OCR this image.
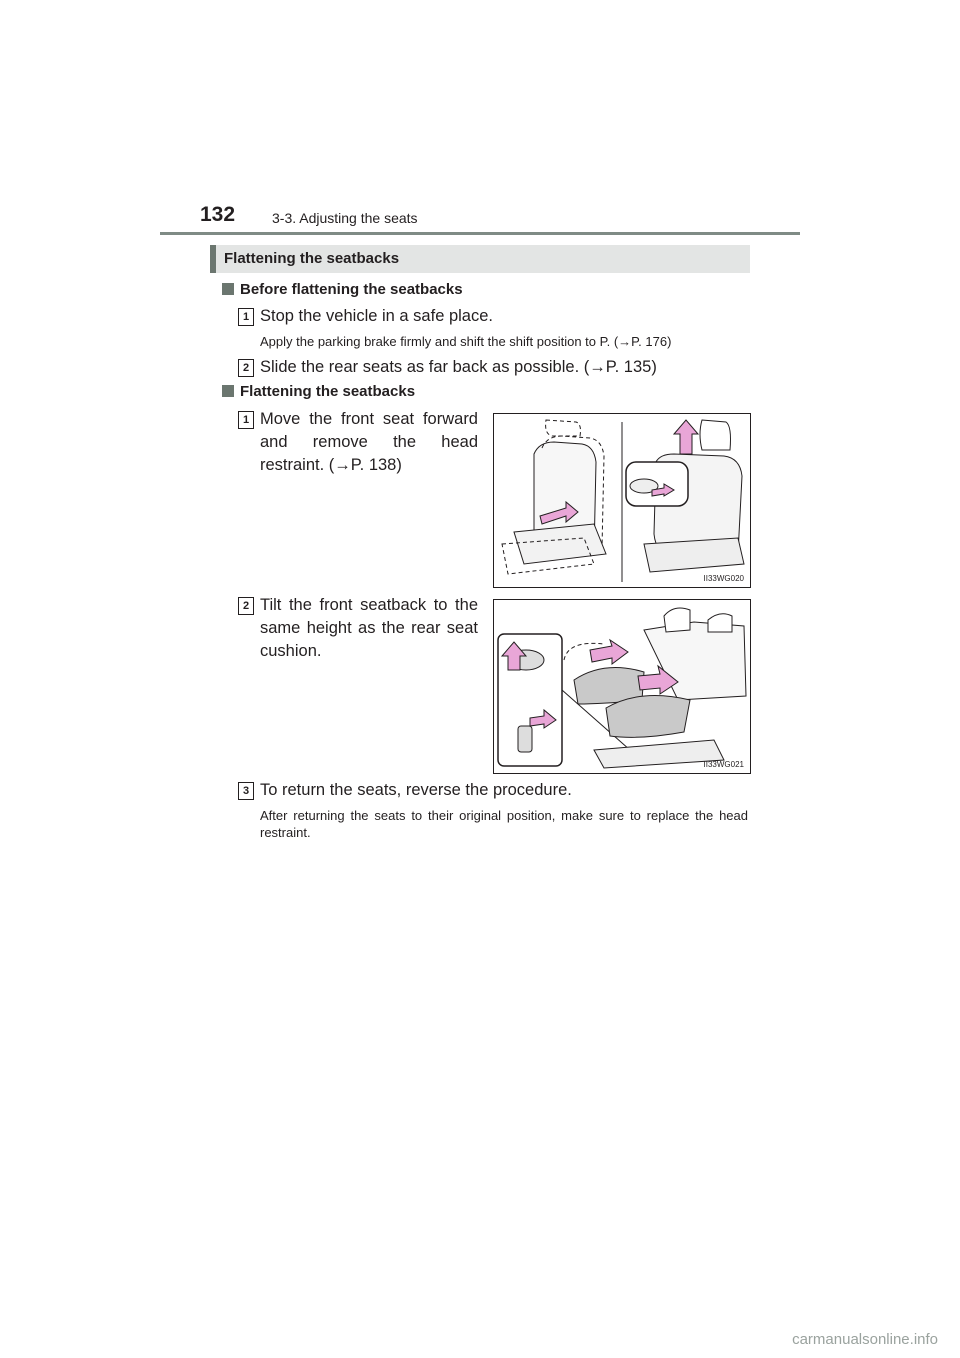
132	3-3. Adjusting the seats
Flattening the seatbacks
Before flattening the seatbacks
1 Stop the vehicle in a safe place.
Apply the parking brake firmly and shift the shift position to P. (→P. 176)
2 Slide the rear seats as far back as possible. (→P. 135)
Flattening the seatbacks
1 Move the front seat forward and remove the head restraint. (→P. 138)
II33WG020
2 Tilt the front seatback to the same height as the rear seat cushion.
II33WG021
3 To return the seats, reverse the procedure.
After returning the seats to their original position, make sure to replace the head restraint.
carmanualsonline.info
